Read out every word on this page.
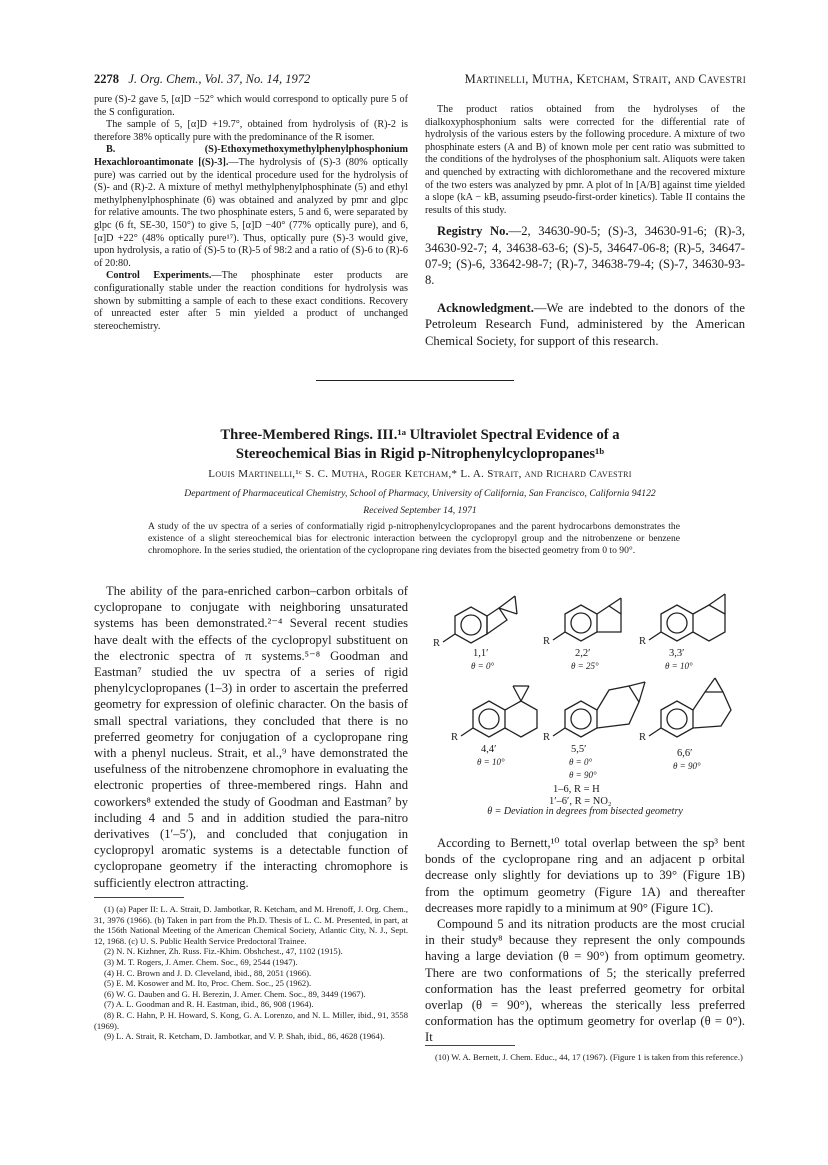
2278 J. Org. Chem., Vol. 37, No. 14, 1972	Martinelli, Mutha, Ketcham, Strait, and Cavestri

pure (S)-2 gave 5, [α]D −52° which would correspond to optically pure 5 of the S configuration.

The sample of 5, [α]D +19.7°, obtained from hydrolysis of (R)-2 is therefore 38% optically pure with the predominance of the R isomer.

B. (S)-Ethoxymethoxymethylphenylphosphonium Hexachloroantimonate [(S)-3].—The hydrolysis of (S)-3 (80% optically pure) was carried out by the identical procedure used for the hydrolysis of (S)- and (R)-2. A mixture of methyl methylphenylphosphinate (5) and ethyl methylphenylphosphinate (6) was obtained and analyzed by pmr and glpc for relative amounts. The two phosphinate esters, 5 and 6, were separated by glpc (6 ft, SE-30, 150°) to give 5, [α]D −40° (77% optically pure), and 6, [α]D +22° (48% optically pure¹⁷). Thus, optically pure (S)-3 would give, upon hydrolysis, a ratio of (S)-5 to (R)-5 of 98:2 and a ratio of (S)-6 to (R)-6 of 20:80.

Control Experiments.—The phosphinate ester products are configurationally stable under the reaction conditions for hydrolysis was shown by submitting a sample of each to these exact conditions. Recovery of unreacted ester after 5 min yielded a product of unchanged stereochemistry.

The product ratios obtained from the hydrolyses of the dialkoxyphosphonium salts were corrected for the differential rate of hydrolysis of the various esters by the following procedure. A mixture of two phosphinate esters (A and B) of known mole per cent ratio was submitted to the conditions of the hydrolyses of the phosphonium salt. Aliquots were taken and quenched by extracting with dichloromethane and the recovered mixture of the two esters was analyzed by pmr. A plot of ln [A/B] against time yielded a slope (kA − kB, assuming pseudo-first-order kinetics). Table II contains the results of this study.

Registry No.—2, 34630-90-5; (S)-3, 34630-91-6; (R)-3, 34630-92-7; 4, 34638-63-6; (S)-5, 34647-06-8; (R)-5, 34647-07-9; (S)-6, 33642-98-7; (R)-7, 34638-79-4; (S)-7, 34630-93-8.

Acknowledgment.—We are indebted to the donors of the Petroleum Research Fund, administered by the American Chemical Society, for support of this research.

Three-Membered Rings. III.¹ᵃ Ultraviolet Spectral Evidence of a
Stereochemical Bias in Rigid p-Nitrophenylcyclopropanes¹ᵇ
Louis Martinelli,¹ᶜ S. C. Mutha, Roger Ketcham,* L. A. Strait, and Richard Cavestri
Department of Pharmaceutical Chemistry, School of Pharmacy, University of California, San Francisco, California 94122
Received September 14, 1971
A study of the uv spectra of a series of conformatially rigid p-nitrophenylcyclopropanes and the parent hydrocarbons demonstrates the existence of a slight stereochemical bias for electronic interaction between the cyclopropyl group and the nitrobenzene or benzene chromophore. In the series studied, the orientation of the cyclopropane ring deviates from the bisected geometry from 0 to 90°.

The ability of the para-enriched carbon–carbon orbitals of cyclopropane to conjugate with neighboring unsaturated systems has been demonstrated.²⁻⁴ Several recent studies have dealt with the effects of the cyclopropyl substituent on the electronic spectra of π systems.⁵⁻⁸ Goodman and Eastman⁷ studied the uv spectra of a series of rigid phenylcyclopropanes (1–3) in order to ascertain the preferred geometry for expression of olefinic character. On the basis of small spectral variations, they concluded that there is no preferred geometry for conjugation of a cyclopropane ring with a phenyl nucleus. Strait, et al.,⁹ have demonstrated the usefulness of the nitrobenzene chromophore in evaluating the electronic properties of three-membered rings. Hahn and coworkers⁸ extended the study of Goodman and Eastman⁷ by including 4 and 5 and in addition studied the para-nitro derivatives (1′–5′), and concluded that conjugation in cyclopropyl aromatic systems is a detectable function of cyclopropane geometry if the interacting chromophore is sufficiently electron attracting.

(1) (a) Paper II: L. A. Strait, D. Jambotkar, R. Ketcham, and M. Hrenoff, J. Org. Chem., 31, 3976 (1966). (b) Taken in part from the Ph.D. Thesis of L. C. M. Presented, in part, at the 156th National Meeting of the American Chemical Society, Atlantic City, N. J., Sept. 12, 1968. (c) U. S. Public Health Service Predoctoral Trainee.

(2) N. N. Kizhner, Zh. Russ. Fiz.-Khim. Obshchest., 47, 1102 (1915).

(3) M. T. Rogers, J. Amer. Chem. Soc., 69, 2544 (1947).

(4) H. C. Brown and J. D. Cleveland, ibid., 88, 2051 (1966).

(5) E. M. Kosower and M. Ito, Proc. Chem. Soc., 25 (1962).

(6) W. G. Dauben and G. H. Berezin, J. Amer. Chem. Soc., 89, 3449 (1967).

(7) A. L. Goodman and R. H. Eastman, ibid., 86, 908 (1964).

(8) R. C. Hahn, P. H. Howard, S. Kong, G. A. Lorenzo, and N. L. Miller, ibid., 91, 3558 (1969).

(9) L. A. Strait, R. Ketcham, D. Jambotkar, and V. P. Shah, ibid., 86, 4628 (1964).

R	R	R
R	R	R
1,1′
θ = 0°
2,2′
θ = 25°
3,3′
θ = 10°
4,4′
θ = 10°
5,5′
θ = 0°
θ = 90°
6,6′
θ = 90°
1–6, R = H
1′–6′, R = NO₂
θ = Deviation in degrees from bisected geometry

According to Bernett,¹⁰ total overlap between the sp³ bent bonds of the cyclopropane ring and an adjacent p orbital decrease only slightly for deviations up to 39° (Figure 1B) from the optimum geometry (Figure 1A) and thereafter decreases more rapidly to a minimum at 90° (Figure 1C).

Compound 5 and its nitration products are the most crucial in their study⁸ because they represent the only compounds having a large deviation (θ = 90°) from optimum geometry. There are two conformations of 5; the sterically preferred conformation has the least preferred geometry for orbital overlap (θ = 90°), whereas the sterically less preferred conformation has the optimum geometry for overlap (θ = 0°). It

(10) W. A. Bernett, J. Chem. Educ., 44, 17 (1967). (Figure 1 is taken from this reference.)
